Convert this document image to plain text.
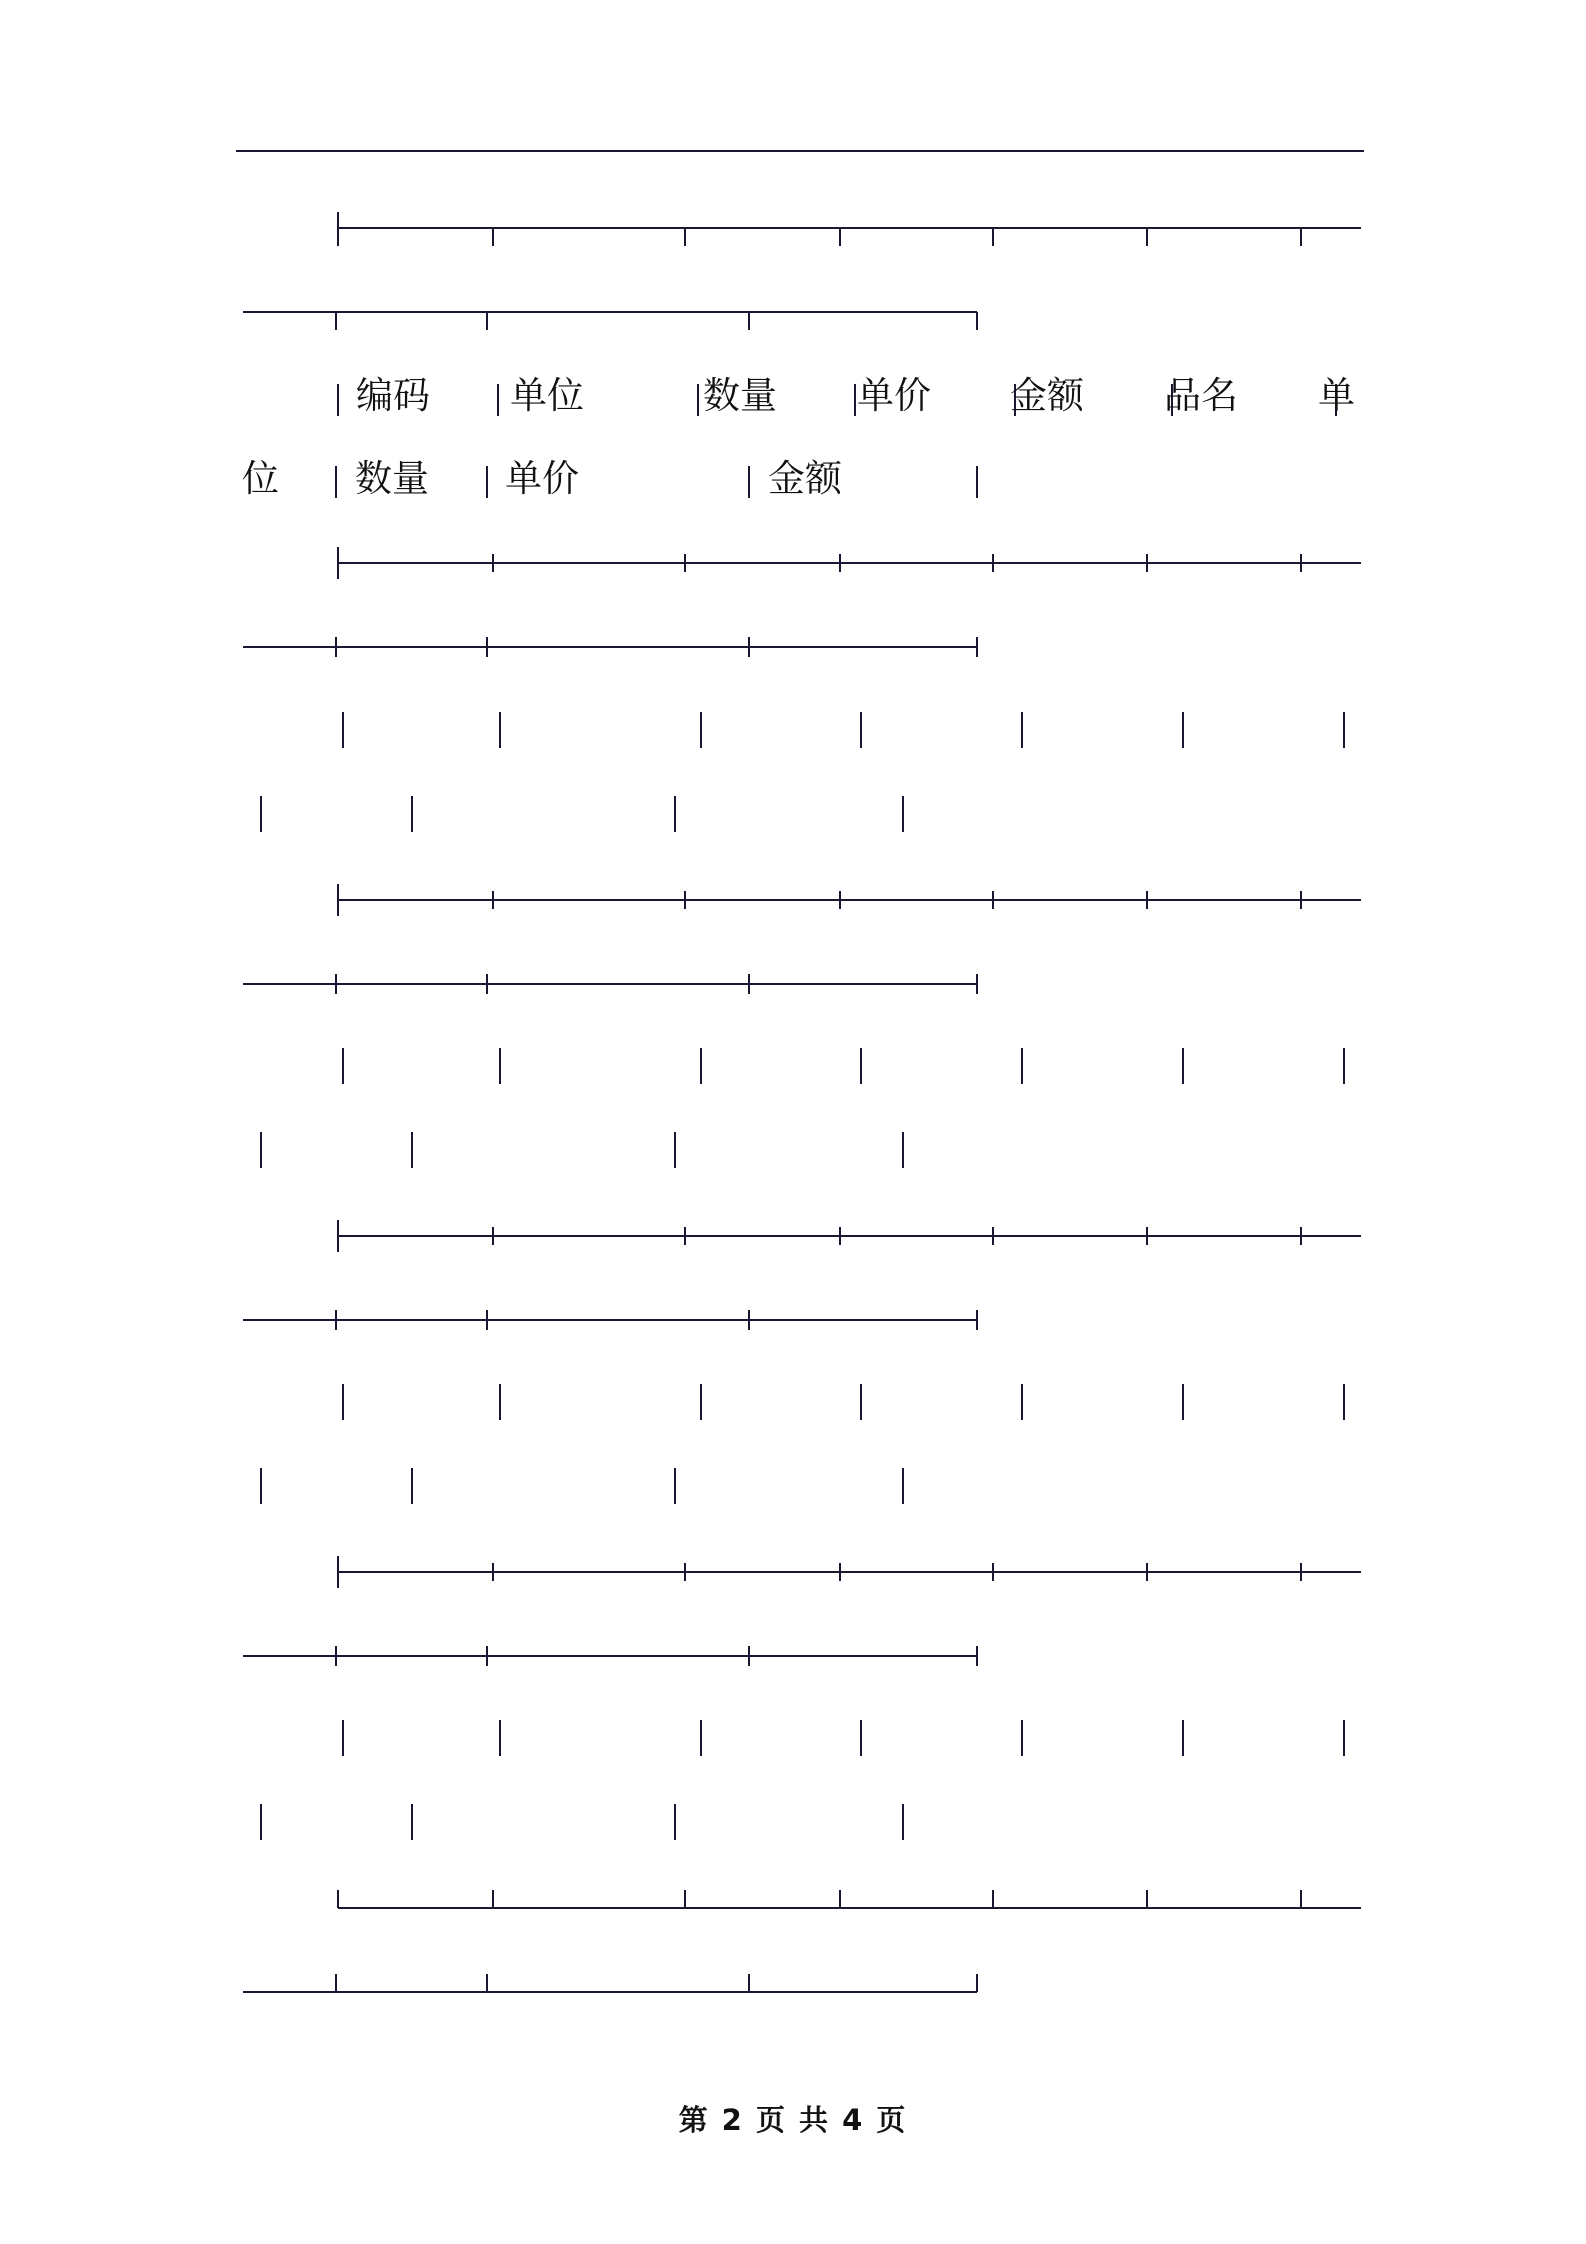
编码 单位	数量 单价 金额 品名 单
位 数量 单价	金额
第 2 页 共 4 页
